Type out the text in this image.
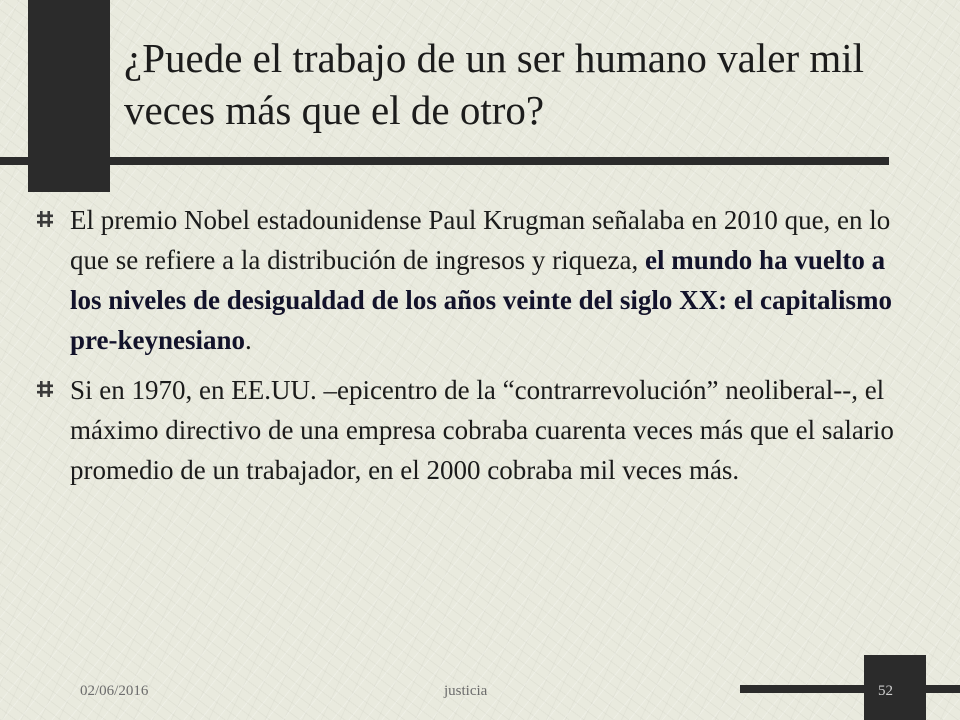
¿Puede el trabajo de un ser humano valer mil veces más que el de otro?

El premio Nobel estadounidense Paul Krugman señalaba en 2010 que, en lo que se refiere a la distribución de ingresos y riqueza, el mundo ha vuelto a los niveles de desigualdad de los años veinte del siglo XX: el capitalismo pre-keynesiano.

Si en 1970, en EE.UU. –epicentro de la “contrarrevolución” neoliberal--, el máximo directivo de una empresa cobraba cuarenta veces más que el salario promedio de un trabajador, en el 2000 cobraba mil veces más.

02/06/2016	justicia	52
